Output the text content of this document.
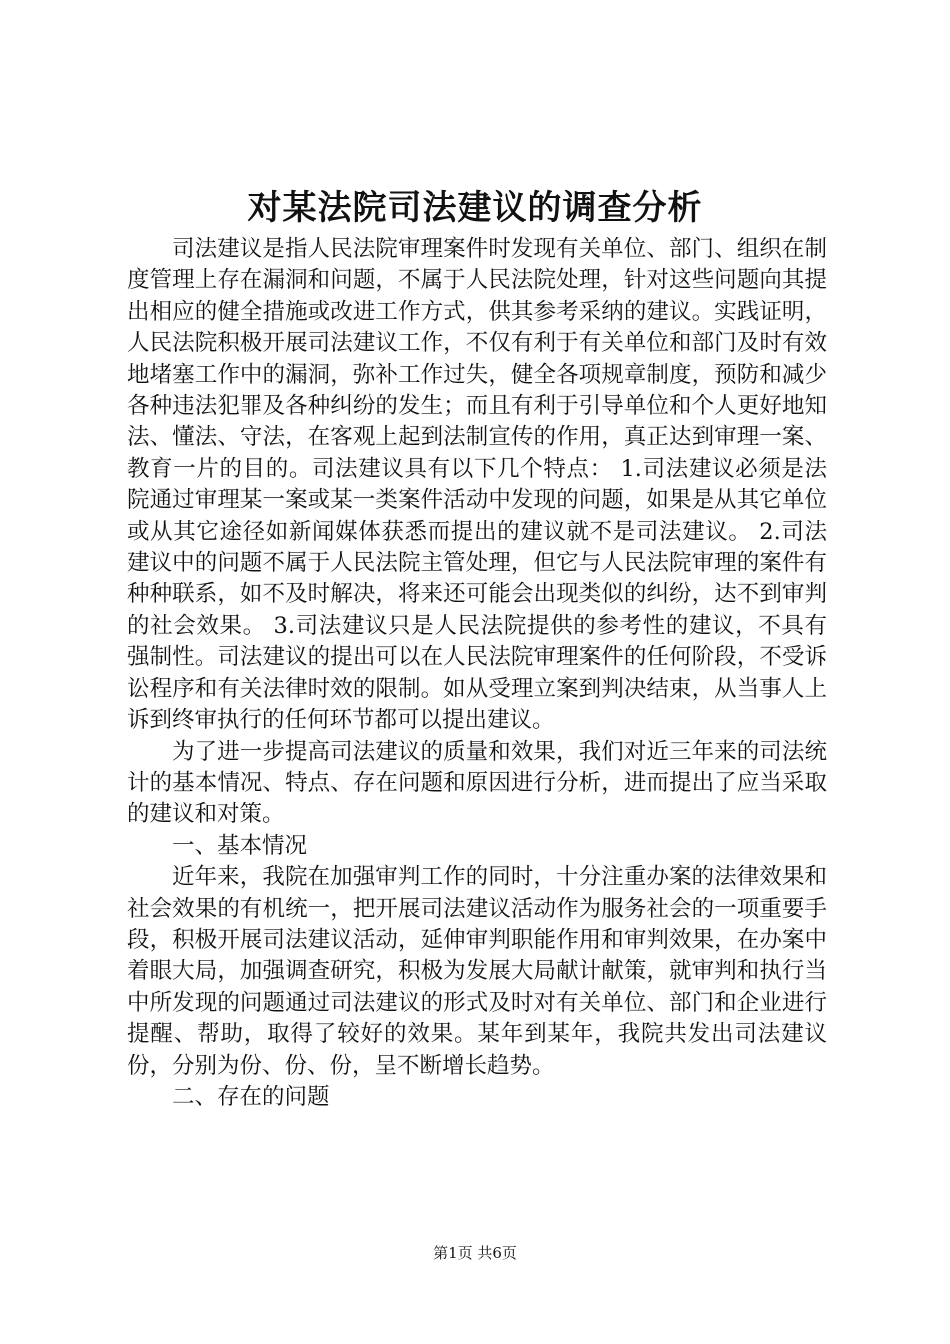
对某法院司法建议的调查分析

司法建议是指人民法院审理案件时发现有关单位、部门、组织在制度管理上存在漏洞和问题，不属于人民法院处理，针对这些问题向其提出相应的健全措施或改进工作方式，供其参考采纳的建议。实践证明，人民法院积极开展司法建议工作，不仅有利于有关单位和部门及时有效地堵塞工作中的漏洞，弥补工作过失，健全各项规章制度，预防和减少各种违法犯罪及各种纠纷的发生；而且有利于引导单位和个人更好地知法、懂法、守法，在客观上起到法制宣传的作用，真正达到审理一案、教育一片的目的。司法建议具有以下几个特点： 1.司法建议必须是法院通过审理某一案或某一类案件活动中发现的问题，如果是从其它单位或从其它途径如新闻媒体获悉而提出的建议就不是司法建议。 2.司法建议中的问题不属于人民法院主管处理，但它与人民法院审理的案件有种种联系，如不及时解决，将来还可能会出现类似的纠纷，达不到审判的社会效果。 3.司法建议只是人民法院提供的参考性的建议，不具有强制性。司法建议的提出可以在人民法院审理案件的任何阶段，不受诉讼程序和有关法律时效的限制。如从受理立案到判决结束，从当事人上诉到终审执行的任何环节都可以提出建议。

为了进一步提高司法建议的质量和效果，我们对近三年来的司法统计的基本情况、特点、存在问题和原因进行分析，进而提出了应当采取的建议和对策。

一、基本情况

近年来，我院在加强审判工作的同时，十分注重办案的法律效果和社会效果的有机统一，把开展司法建议活动作为服务社会的一项重要手段，积极开展司法建议活动，延伸审判职能作用和审判效果，在办案中着眼大局，加强调查研究，积极为发展大局献计献策，就审判和执行当中所发现的问题通过司法建议的形式及时对有关单位、部门和企业进行提醒、帮助，取得了较好的效果。某年到某年，我院共发出司法建议份，分别为份、份、份，呈不断增长趋势。

二、存在的问题

第1页 共6页
